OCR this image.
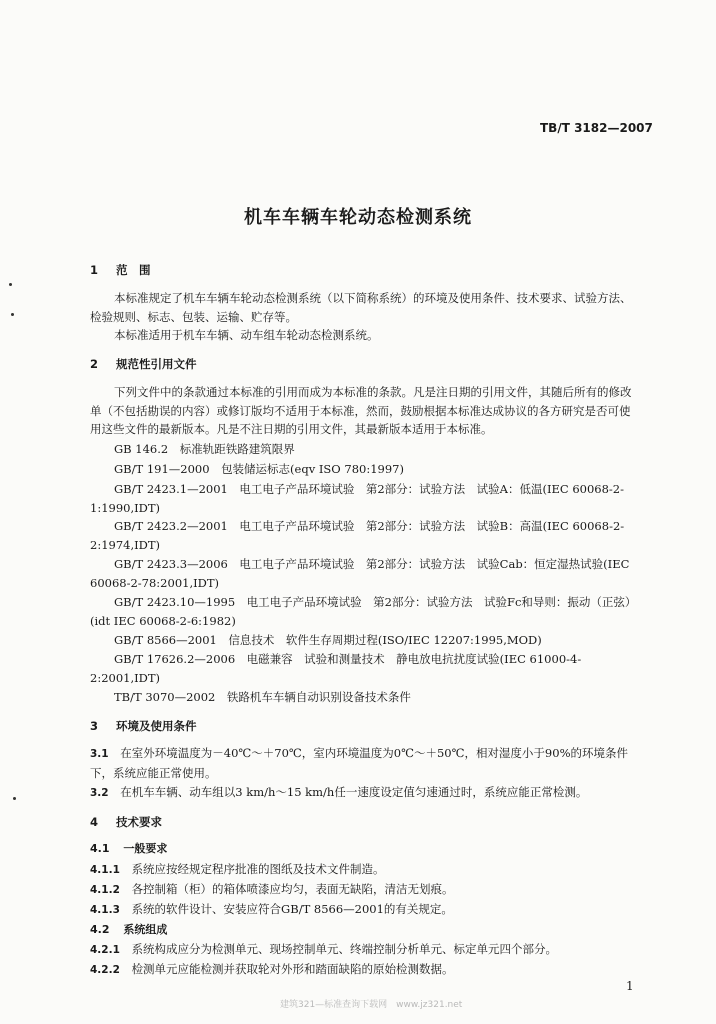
TB/T 3182—2007
机车车辆车轮动态检测系统
1 范　围
本标准规定了机车车辆车轮动态检测系统（以下简称系统）的环境及使用条件、技术要求、试验方法、检验规则、标志、包装、运输、贮存等。
本标准适用于机车车辆、动车组车轮动态检测系统。
2 规范性引用文件
下列文件中的条款通过本标准的引用而成为本标准的条款。凡是注日期的引用文件，其随后所有的修改单（不包括勘误的内容）或修订版均不适用于本标准，然而，鼓励根据本标准达成协议的各方研究是否可使用这些文件的最新版本。凡是不注日期的引用文件，其最新版本适用于本标准。
GB 146.2　 标准轨距铁路建筑限界
GB/T 191—2000　 包装储运标志(eqv ISO 780:1997)
GB/T 2423.1—2001　 电工电子产品环境试验　第2部分：试验方法　试验A：低温(IEC 60068-2-1:1990,IDT)
GB/T 2423.2—2001　 电工电子产品环境试验　第2部分：试验方法　试验B：高温(IEC 60068-2-2:1974,IDT)
GB/T 2423.3—2006　 电工电子产品环境试验　第2部分：试验方法　试验Cab：恒定湿热试验(IEC 60068-2-78:2001,IDT)
GB/T 2423.10—1995　 电工电子产品环境试验　第2部分：试验方法　试验Fc和导则：振动（正弦）(idt IEC 60068-2-6:1982)
GB/T 8566—2001　 信息技术　软件生存周期过程(ISO/IEC 12207:1995,MOD)
GB/T 17626.2—2006　 电磁兼容　试验和测量技术　静电放电抗扰度试验(IEC 61000-4-2:2001,IDT)
TB/T 3070—2002　 铁路机车车辆自动识别设备技术条件
3 环境及使用条件
3.1 在室外环境温度为－40℃～＋70℃，室内环境温度为0℃～＋50℃，相对湿度小于90%的环境条件下，系统应能正常使用。
3.2 在机车车辆、动车组以3 km/h～15 km/h任一速度设定值匀速通过时，系统应能正常检测。
4 技术要求
4.1 一般要求
4.1.1 系统应按经规定程序批准的图纸及技术文件制造。
4.1.2 各控制箱（柜）的箱体喷漆应均匀，表面无缺陷，清洁无划痕。
4.1.3 系统的软件设计、安装应符合GB/T 8566—2001的有关规定。
4.2 系统组成
4.2.1 系统构成应分为检测单元、现场控制单元、终端控制分析单元、标定单元四个部分。
4.2.2 检测单元应能检测并获取轮对外形和踏面缺陷的原始检测数据。
1
建筑321—标准查询下载网　www.jz321.net
